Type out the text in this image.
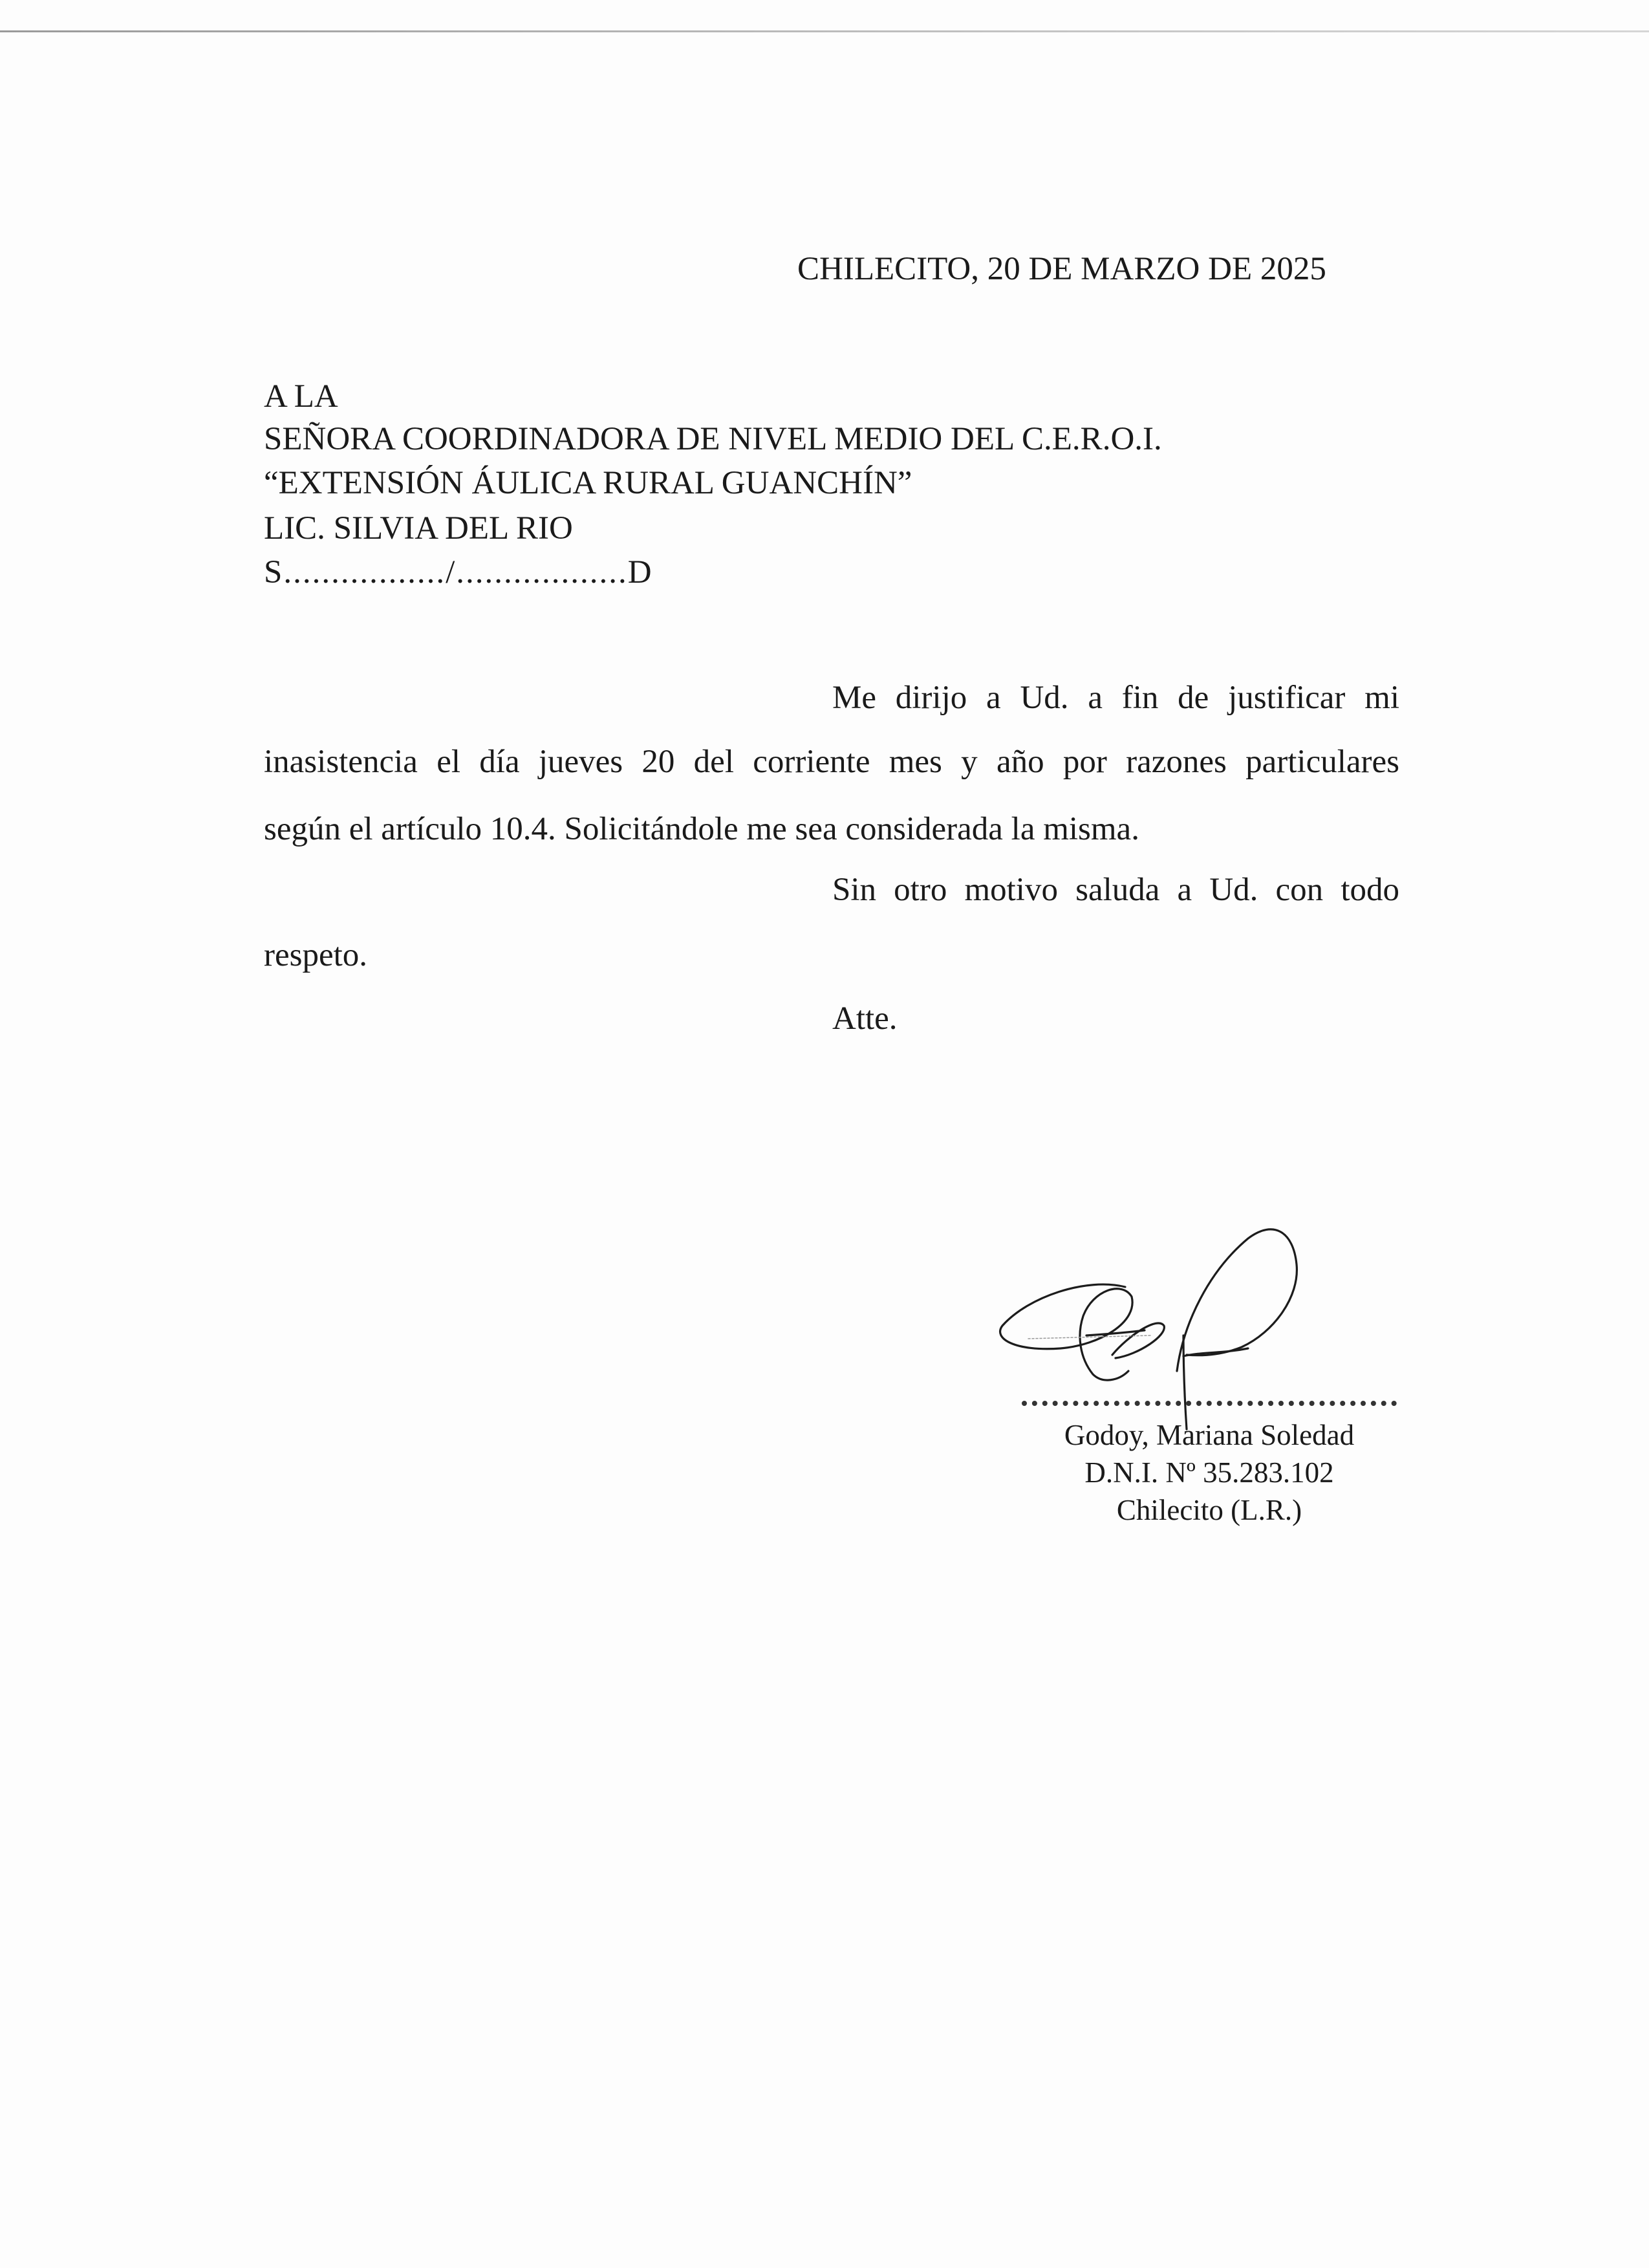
CHILECITO, 20 DE MARZO DE 2025
A LA
SEÑORA COORDINADORA DE NIVEL MEDIO DEL C.E.R.O.I.
“EXTENSIÓN ÁULICA RURAL GUANCHÍN”
LIC. SILVIA DEL RIO
S................./..................D
Me dirijo a Ud. a fin de justificar mi
inasistencia el día jueves 20 del corriente mes y año por razones particulares
según el artículo 10.4. Solicitándole me sea considerada la misma.
Sin otro motivo saluda a Ud. con todo
respeto.
Atte.
Godoy, Mariana Soledad
D.N.I. Nº 35.283.102
Chilecito (L.R.)
